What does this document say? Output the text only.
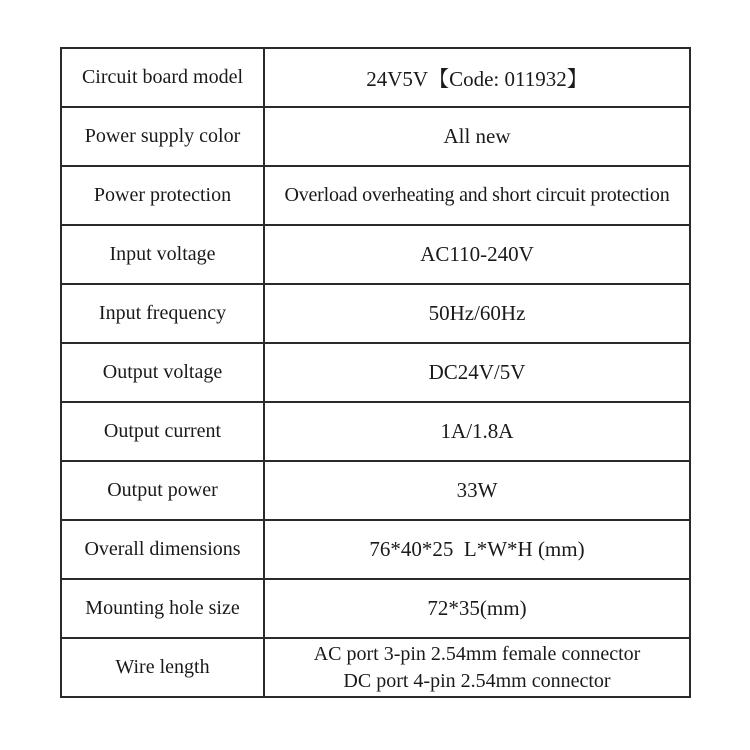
Circuit board model	24V5V【Code: 011932】
Power supply color	All new
Power protection	Overload overheating and short circuit protection
Input voltage	AC110-240V
Input frequency	50Hz/60Hz
Output voltage	DC24V/5V
Output current	1A/1.8A
Output power	33W
Overall dimensions	76*40*25  L*W*H (mm)
Mounting hole size	72*35(mm)
Wire length	AC port 3-pin 2.54mm female connector
DC port 4-pin 2.54mm connector
